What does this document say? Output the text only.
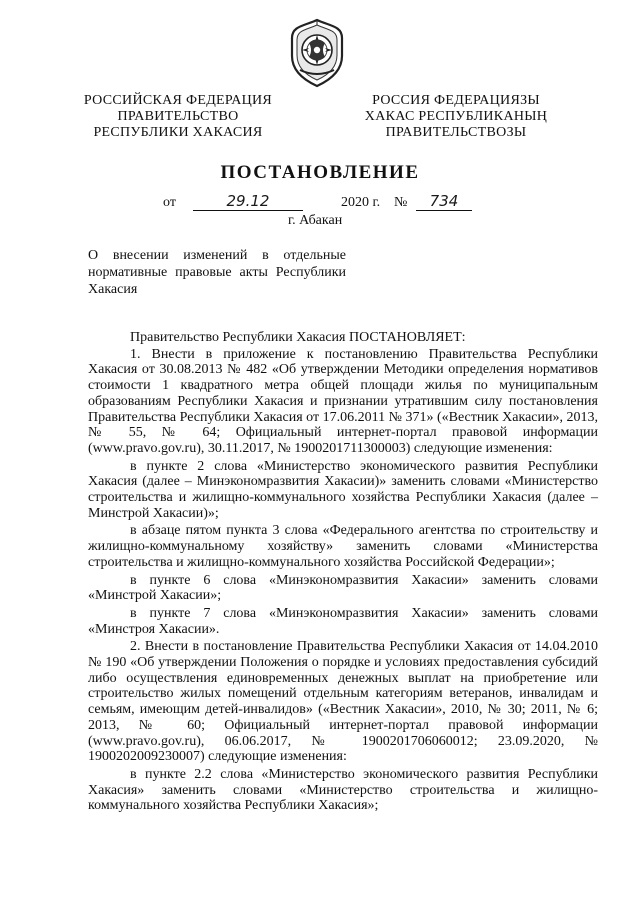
РОССИЙСКАЯ ФЕДЕРАЦИЯ
ПРАВИТЕЛЬСТВО
РЕСПУБЛИКИ ХАКАСИЯ
РОССИЯ ФЕДЕРАЦИЯЗЫ
ХАКАС РЕСПУБЛИКАНЫҢ
ПРАВИТЕЛЬСТВОЗЫ
ПОСТАНОВЛЕНИЕ
от	29.12	2020 г. №	734
г. Абакан
О внесении изменений в отдельные
нормативные правовые акты Республики
Хакасия

Правительство Республики Хакасия ПОСТАНОВЛЯЕТ:

1. Внести в приложение к постановлению Правительства Республики Хакасия от 30.08.2013 № 482 «Об утверждении Методики определения нормативов стоимости 1 квадратного метра общей площади жилья по муниципальным образованиям Республики Хакасия и признании утратившим силу постановления Правительства Республики Хакасия от 17.06.2011 № 371» («Вестник Хакасии», 2013, № 55, № 64; Официальный интернет-портал правовой информации (www.pravo.gov.ru), 30.11.2017, № 1900201711300003) следующие изменения:

в пункте 2 слова «Министерство экономического развития Республики Хакасия (далее – Минэкономразвития Хакасии)» заменить словами «Министерство строительства и жилищно-коммунального хозяйства Республики Хакасия (далее – Минстрой Хакасии)»;

в абзаце пятом пункта 3 слова «Федерального агентства по строительству и жилищно-коммунальному хозяйству» заменить словами «Министерства строительства и жилищно-коммунального хозяйства Российской Федерации»;

в пункте 6 слова «Минэкономразвития Хакасии» заменить словами «Минстрой Хакасии»;

в пункте 7 слова «Минэкономразвития Хакасии» заменить словами «Минстроя Хакасии».

2. Внести в постановление Правительства Республики Хакасия от 14.04.2010 № 190 «Об утверждении Положения о порядке и условиях предоставления субсидий либо осуществления единовременных денежных выплат на приобретение или строительство жилых помещений отдельным категориям ветеранов, инвалидам и семьям, имеющим детей-инвалидов» («Вестник Хакасии», 2010, № 30; 2011, № 6; 2013, № 60; Официальный интернет-портал правовой информации (www.pravo.gov.ru), 06.06.2017, № 1900201706060012; 23.09.2020, № 1900202009230007) следующие изменения:

в пункте 2.2 слова «Министерство экономического развития Республики Хакасия» заменить словами «Министерство строительства и жилищно-коммунального хозяйства Республики Хакасия»;
